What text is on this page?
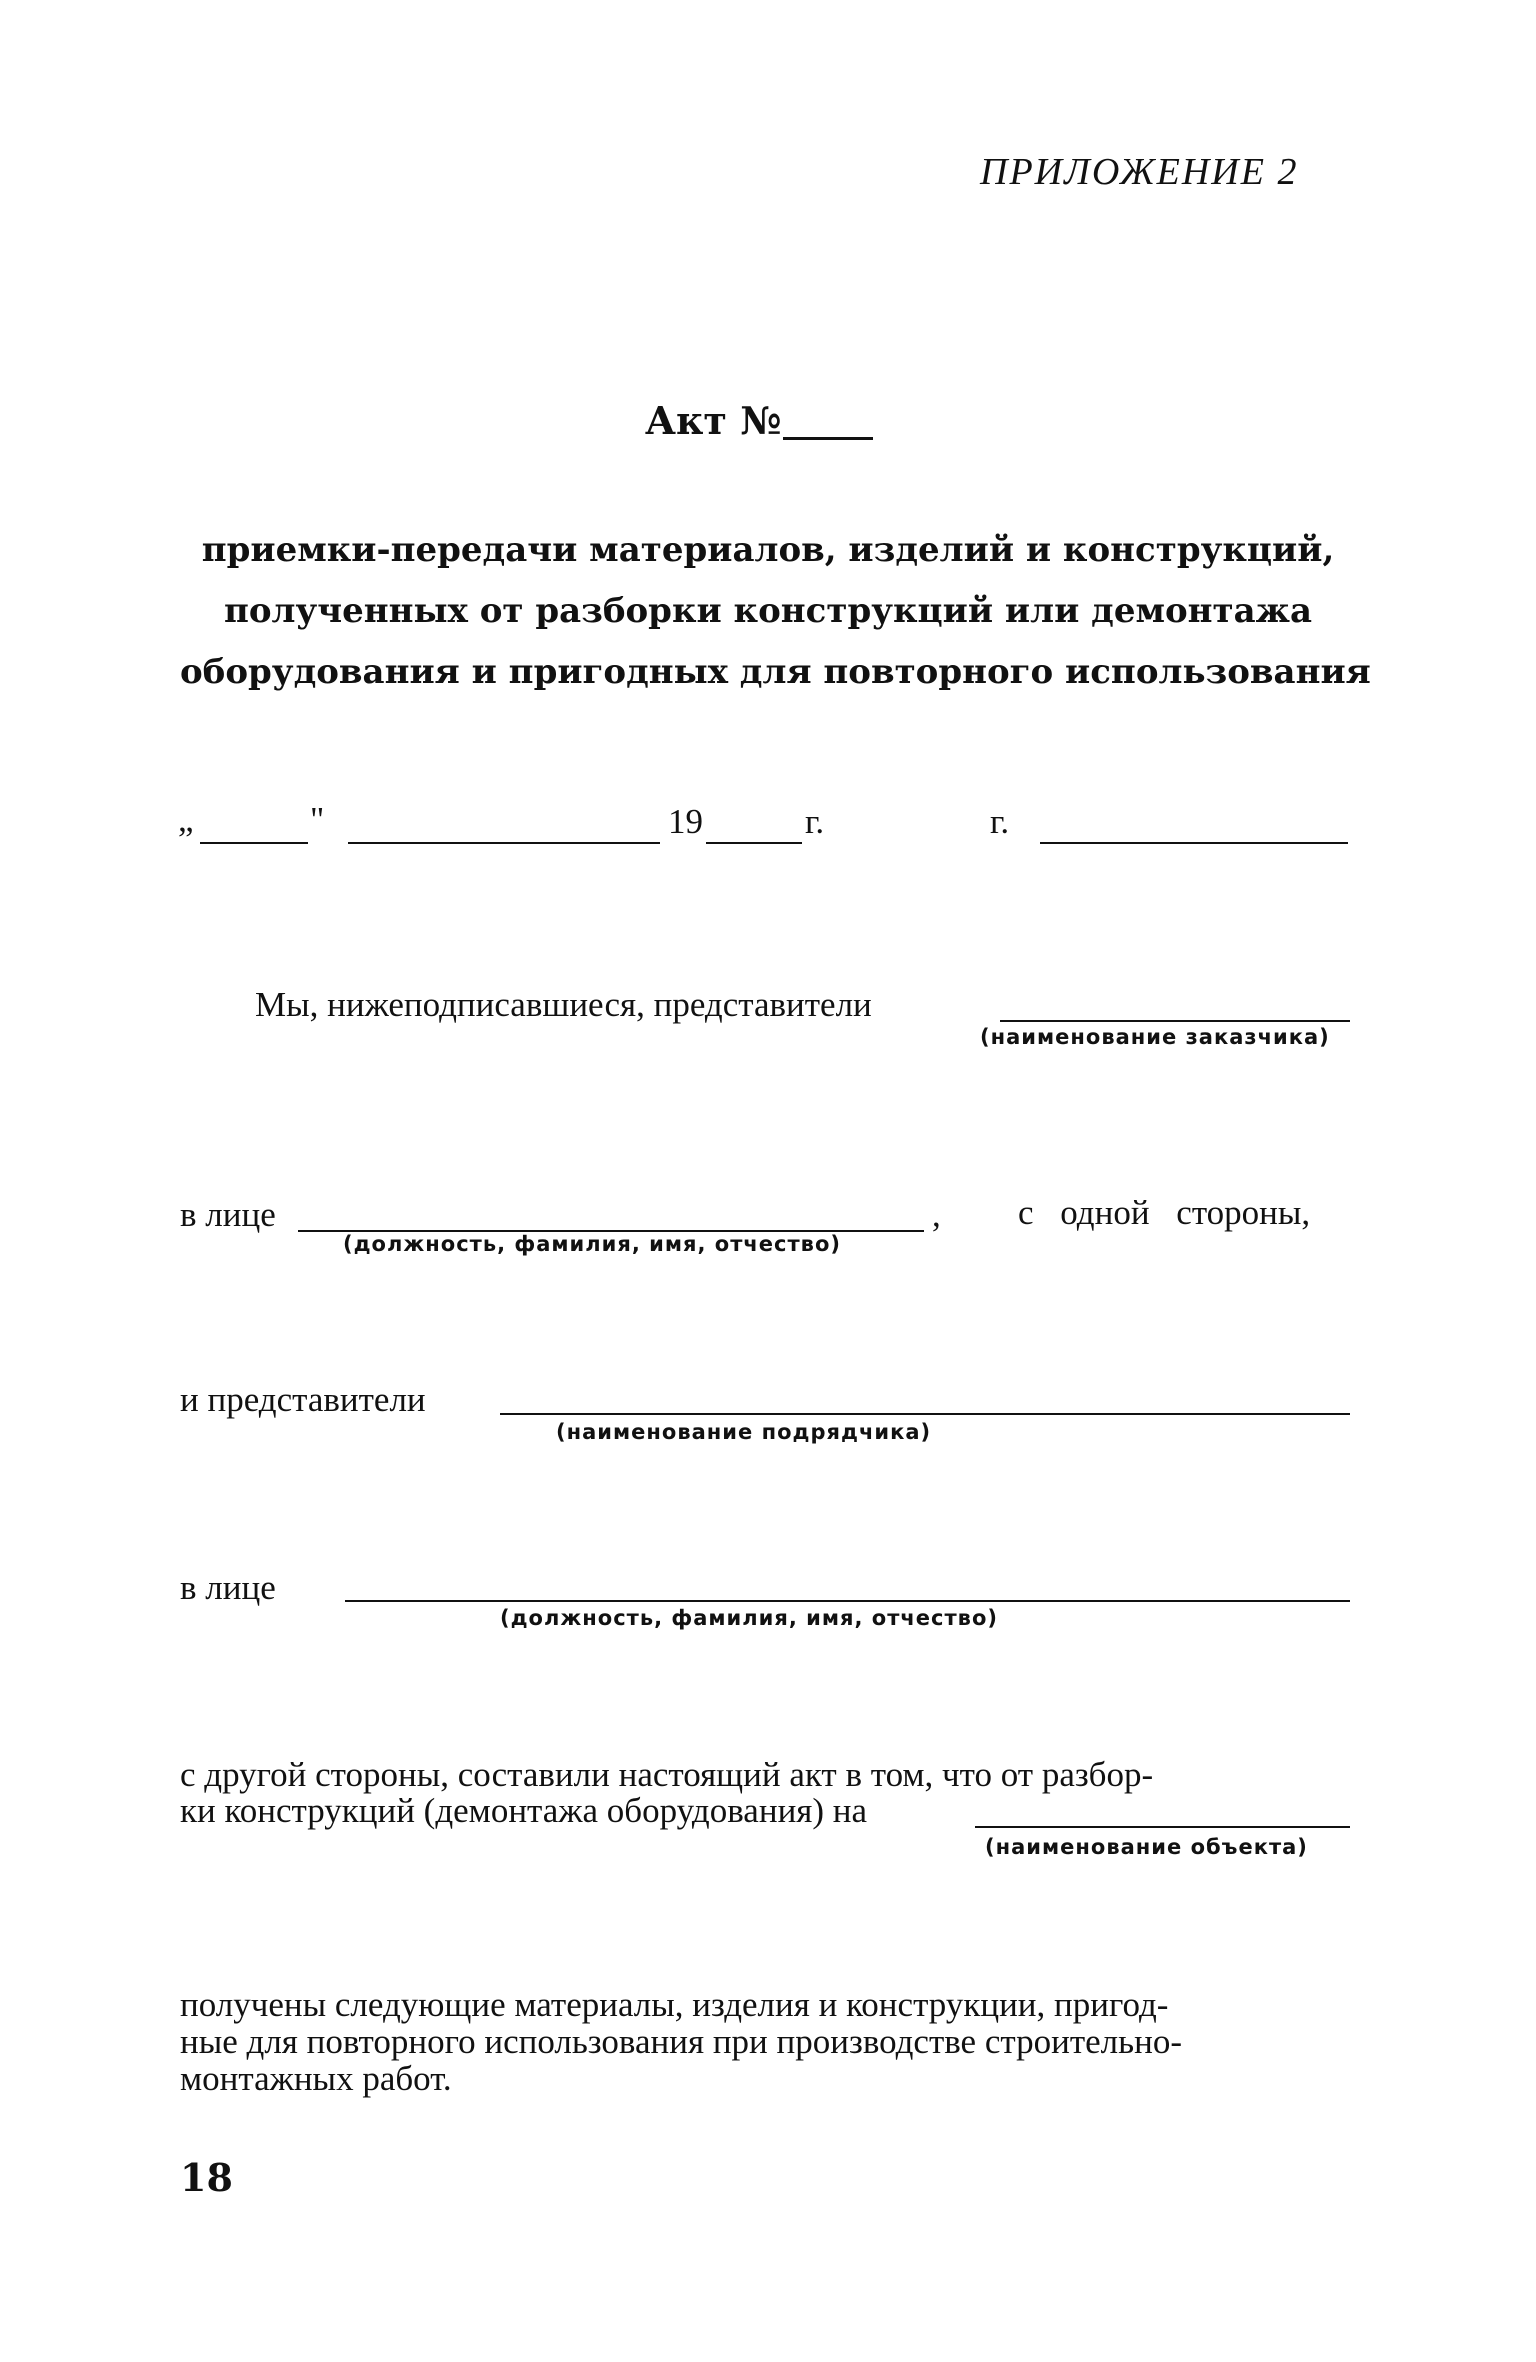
ПРИЛОЖЕНИЕ 2
Акт №
приемки-передачи материалов, изделий и конструкций,
полученных от разборки конструкций или демонтажа
оборудования и пригодных для повторного использования
„	"	19	г.	г.
Мы, нижеподписавшиеся, представители
(наименование заказчика)
в лице	, с одной стороны,
(должность, фамилия, имя, отчество)
и представители
(наименование подрядчика)
в лице
(должность, фамилия, имя, отчество)
с другой стороны, составили настоящий акт в том, что от разбор-
ки конструкций (демонтажа оборудования) на
(наименование объекта)
получены следующие материалы, изделия и конструкции, пригод-
ные для повторного использования при производстве строительно-
монтажных работ.
18
